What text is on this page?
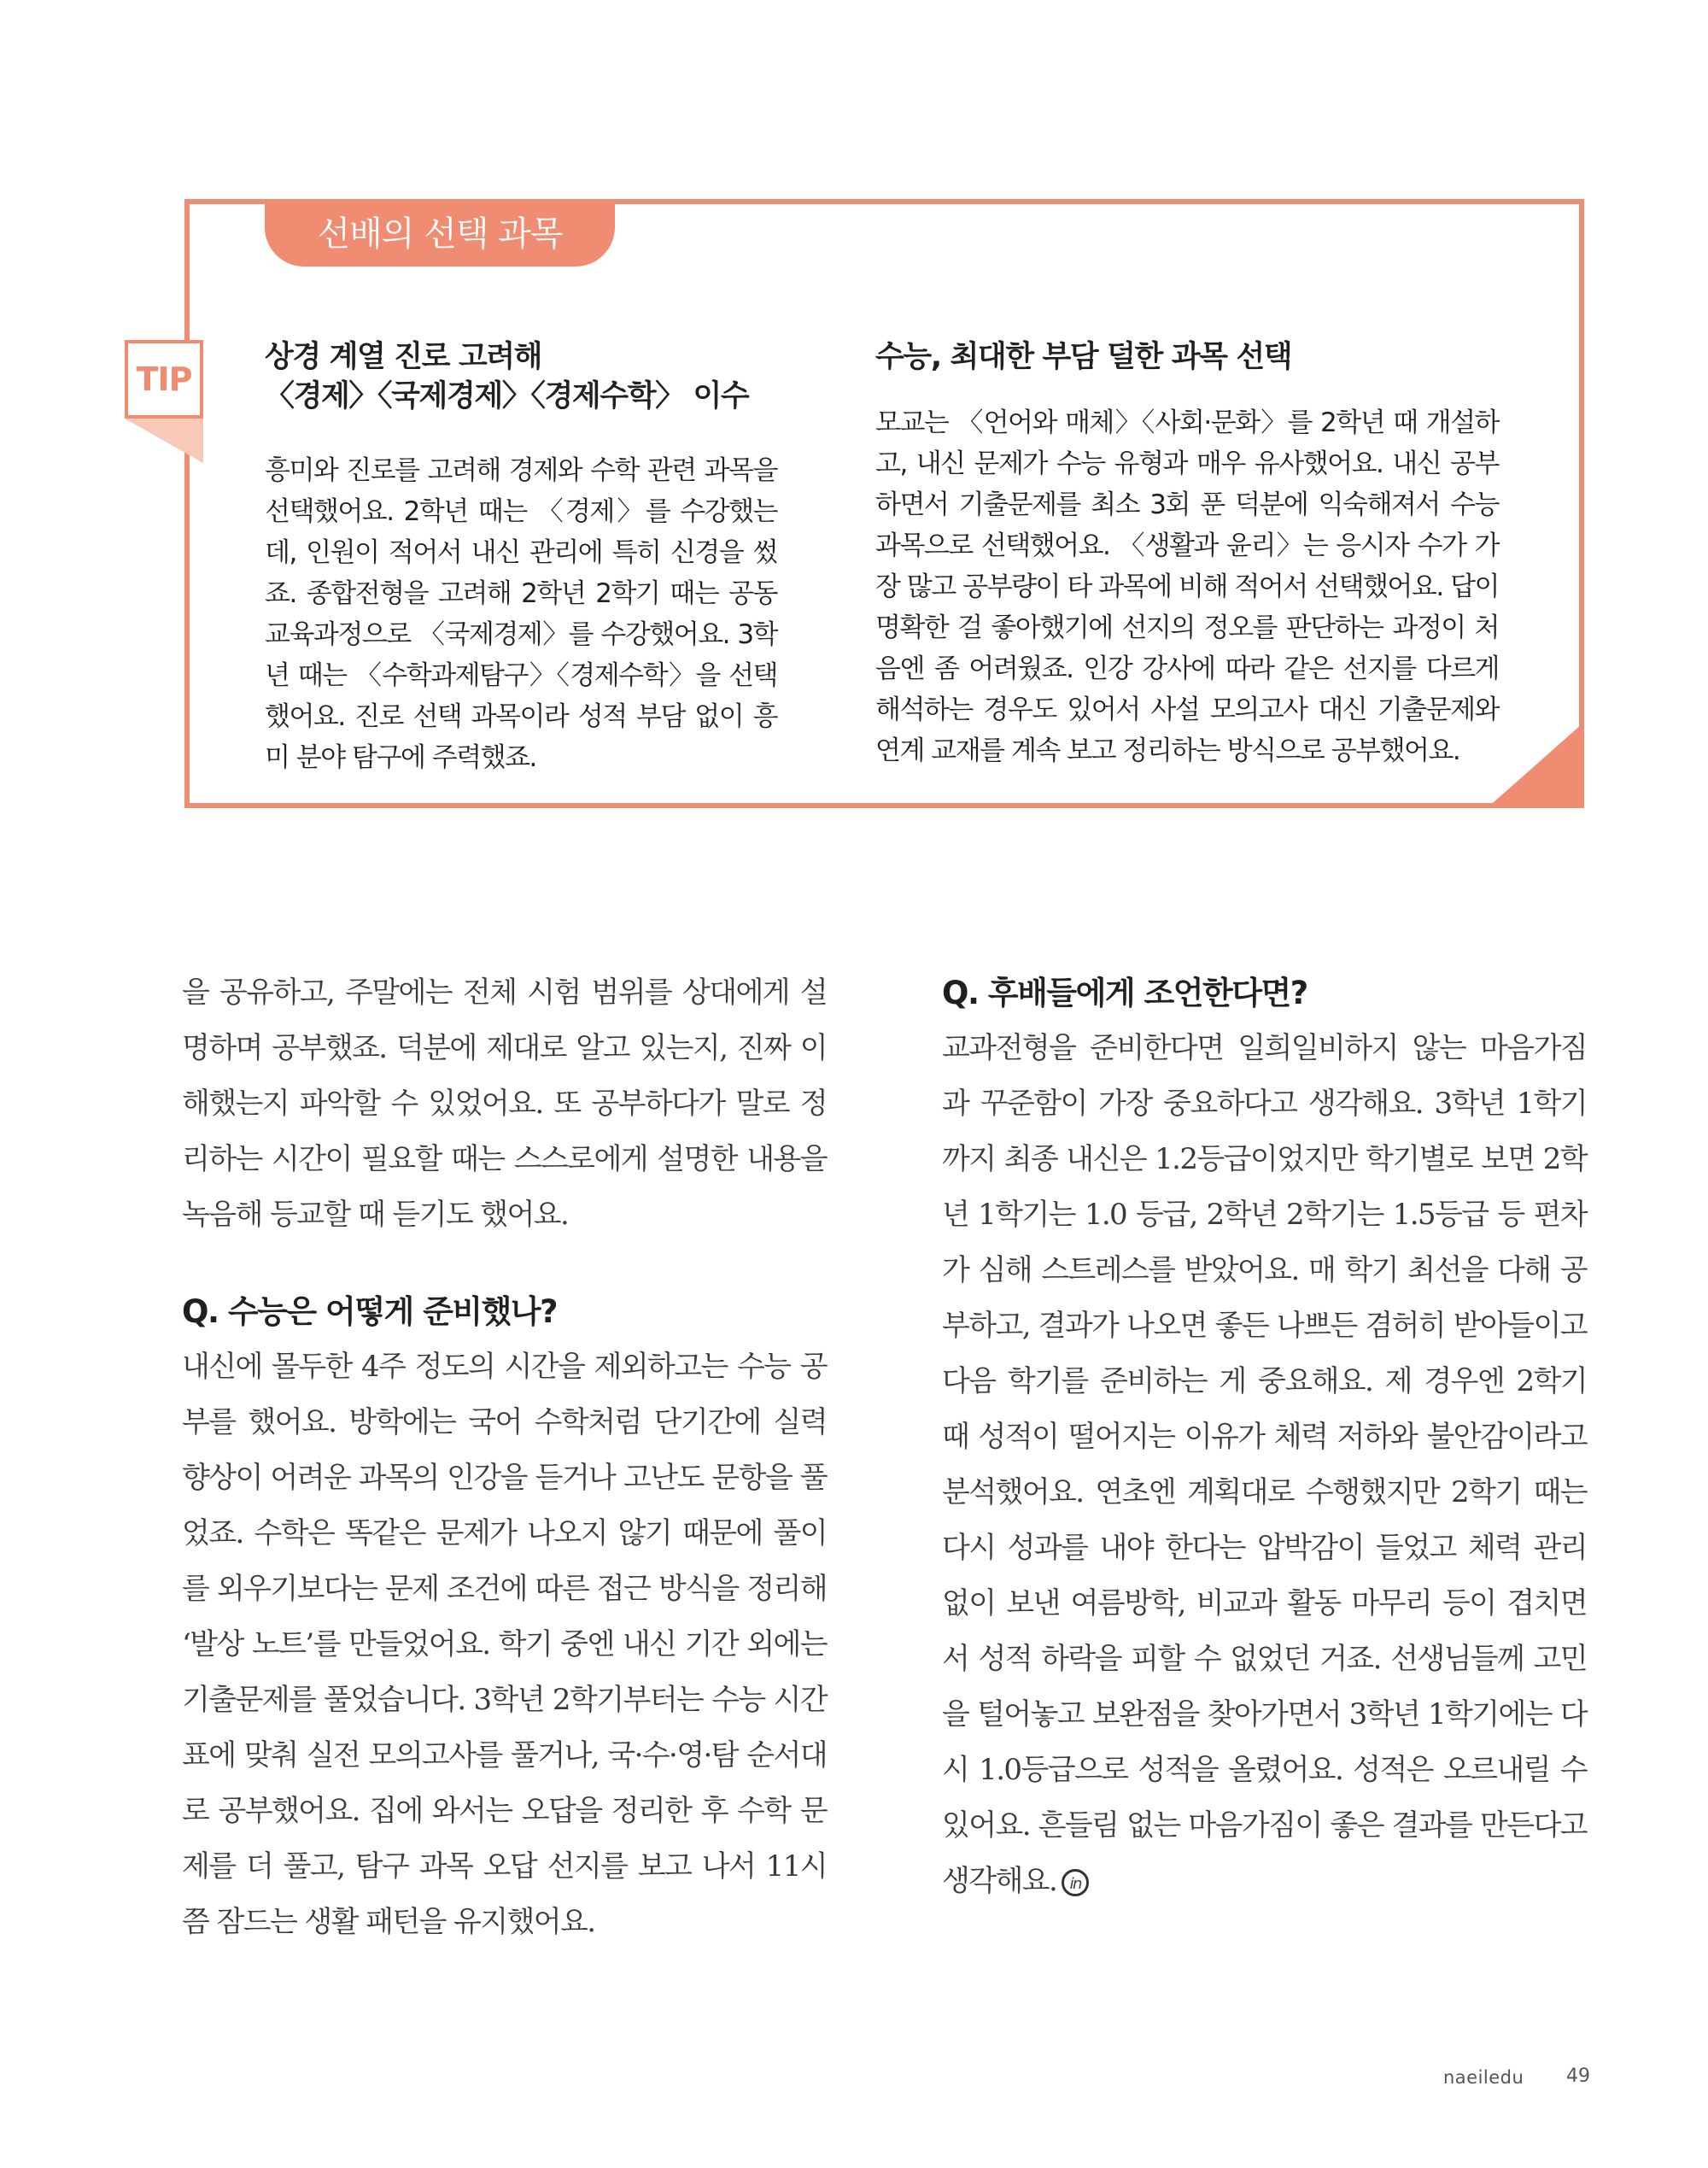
선배의 선택 과목
TIP
상경 계열 진로 고려해
〈경제〉〈국제경제〉〈경제수학〉 이수

흥미와 진로를 고려해 경제와 수학 관련 과목을 선택했어요. 2학년 때는 〈경제〉를 수강했는데, 인원이 적어서 내신 관리에 특히 신경을 썼죠. 종합전형을 고려해 2학년 2학기 때는 공동 교육과정으로 〈국제경제〉를 수강했어요. 3학년 때는 〈수학과제탐구〉〈경제수학〉을 선택했어요. 진로 선택 과목이라 성적 부담 없이 흥미 분야 탐구에 주력했죠.

수능, 최대한 부담 덜한 과목 선택

모교는 〈언어와 매체〉〈사회·문화〉를 2학년 때 개설하고, 내신 문제가 수능 유형과 매우 유사했어요. 내신 공부하면서 기출문제를 최소 3회 푼 덕분에 익숙해져서 수능 과목으로 선택했어요. 〈생활과 윤리〉는 응시자 수가 가장 많고 공부량이 타 과목에 비해 적어서 선택했어요. 답이 명확한 걸 좋아했기에 선지의 정오를 판단하는 과정이 처음엔 좀 어려웠죠. 인강 강사에 따라 같은 선지를 다르게 해석하는 경우도 있어서 사설 모의고사 대신 기출문제와 연계 교재를 계속 보고 정리하는 방식으로 공부했어요.

을 공유하고, 주말에는 전체 시험 범위를 상대에게 설명하며 공부했죠. 덕분에 제대로 알고 있는지, 진짜 이해했는지 파악할 수 있었어요. 또 공부하다가 말로 정리하는 시간이 필요할 때는 스스로에게 설명한 내용을 녹음해 등교할 때 듣기도 했어요.

Q. 수능은 어떻게 준비했나?

내신에 몰두한 4주 정도의 시간을 제외하고는 수능 공부를 했어요. 방학에는 국어 수학처럼 단기간에 실력 향상이 어려운 과목의 인강을 듣거나 고난도 문항을 풀었죠. 수학은 똑같은 문제가 나오지 않기 때문에 풀이를 외우기보다는 문제 조건에 따른 접근 방식을 정리해 ‘발상 노트’를 만들었어요. 학기 중엔 내신 기간 외에는 기출문제를 풀었습니다. 3학년 2학기부터는 수능 시간표에 맞춰 실전 모의고사를 풀거나, 국·수·영·탐 순서대로 공부했어요. 집에 와서는 오답을 정리한 후 수학 문제를 더 풀고, 탐구 과목 오답 선지를 보고 나서 11시쯤 잠드는 생활 패턴을 유지했어요.

Q. 후배들에게 조언한다면?

교과전형을 준비한다면 일희일비하지 않는 마음가짐과 꾸준함이 가장 중요하다고 생각해요. 3학년 1학기까지 최종 내신은 1.2등급이었지만 학기별로 보면 2학년 1학기는 1.0 등급, 2학년 2학기는 1.5등급 등 편차가 심해 스트레스를 받았어요. 매 학기 최선을 다해 공부하고, 결과가 나오면 좋든 나쁘든 겸허히 받아들이고 다음 학기를 준비하는 게 중요해요. 제 경우엔 2학기 때 성적이 떨어지는 이유가 체력 저하와 불안감이라고 분석했어요. 연초엔 계획대로 수행했지만 2학기 때는 다시 성과를 내야 한다는 압박감이 들었고 체력 관리 없이 보낸 여름방학, 비교과 활동 마무리 등이 겹치면서 성적 하락을 피할 수 없었던 거죠. 선생님들께 고민을 털어놓고 보완점을 찾아가면서 3학년 1학기에는 다시 1.0등급으로 성적을 올렸어요. 성적은 오르내릴 수 있어요. 흔들림 없는 마음가짐이 좋은 결과를 만든다고 생각해요. in

naeiledu 49
